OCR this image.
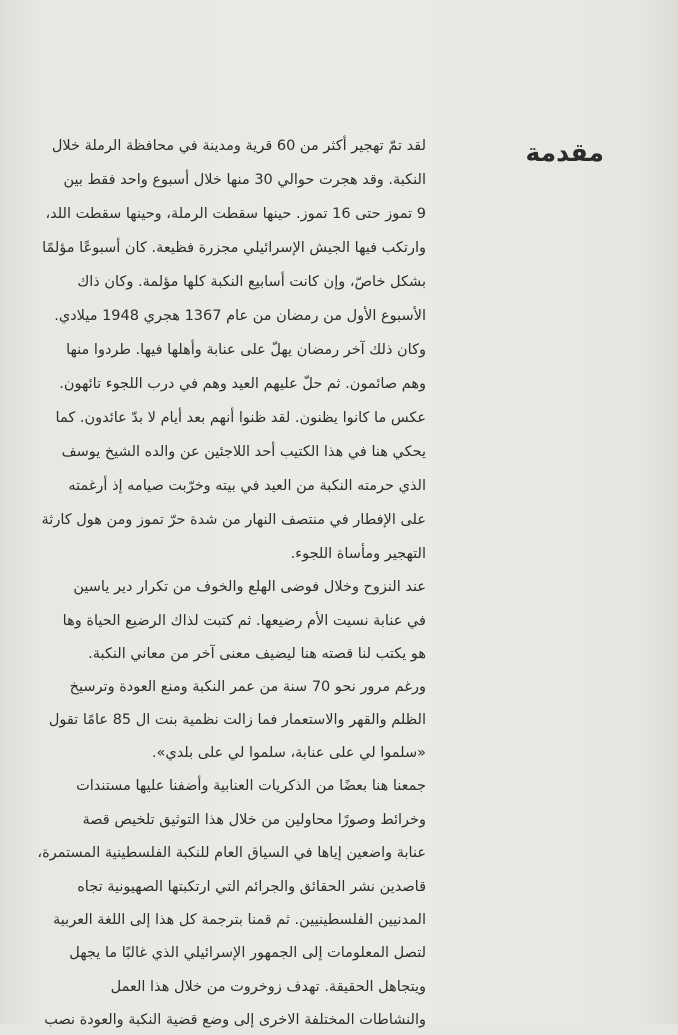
مقدمة
لقد تمّ تهجير أكثر من 60 قرية ومدينة في محافظة الرملة خلال
النكبة. وقد هجرت حوالي 30 منها خلال أسبوع واحد فقط بين
9 تموز حتى 16 تموز. حينها سقطت الرملة، وحينها سقطت اللد،
وارتكب فيها الجيش الإسرائيلي مجزرة فظيعة. كان أسبوعًا مؤلمًا
بشكل خاصّ، وإن كانت أسابيع النكبة كلها مؤلمة. وكان ذاك
الأسبوع الأول من رمضان من عام 1367 هجري 1948 ميلادي.
وكان ذلك آخر رمضان يهلّ على عنابة وأهلها فيها. طردوا منها
وهم صائمون. ثم حلّ عليهم العيد وهم في درب اللجوء تائهون.
عكس ما كانوا يظنون. لقد ظنوا أنهم بعد أيام لا بدّ عائدون. كما
يحكي هنا في هذا الكتيب أحد اللاجئين عن والده الشيخ يوسف
الذي حرمته النكبة من العيد في بيته وخرّبت صيامه إذ أرغمته
على الإفطار في منتصف النهار من شدة حرّ تموز ومن هول كارثة
التهجير ومأساة اللجوء.
عند النزوح وخلال فوضى الهلع والخوف من تكرار دير ياسين
في عنابة نسيت الأم رضيعها. ثم كتبت لذاك الرضيع الحياة وها
هو يكتب لنا قصته هنا ليضيف معنى آخر من معاني النكبة.
ورغم مرور نحو 70 سنة من عمر النكبة ومنع العودة وترسيخ
الظلم والقهر والاستعمار فما زالت نظمية بنت ال 85 عامًا تقول
«سلموا لي على عنابة، سلموا لي على بلدي».
جمعنا هنا بعضًا من الذكريات العنابية وأضفنا عليها مستندات
وخرائط وصورًا محاولين من خلال هذا التوثيق تلخيص قصة
عنابة واضعين إياها في السياق العام للنكبة الفلسطينية المستمرة،
قاصدين نشر الحقائق والجرائم التي ارتكبتها الصهيونية تجاه
المدنيين الفلسطينيين. ثم قمنا بترجمة كل هذا إلى اللغة العربية
لتصل المعلومات إلى الجمهور الإسرائيلي الذي غالبًا ما يجهل
ويتجاهل الحقيقة. تهدف زوخروت من خلال هذا العمل
والنشاطات المختلفة الاخرى إلى وضع قضية النكبة والعودة نصب
